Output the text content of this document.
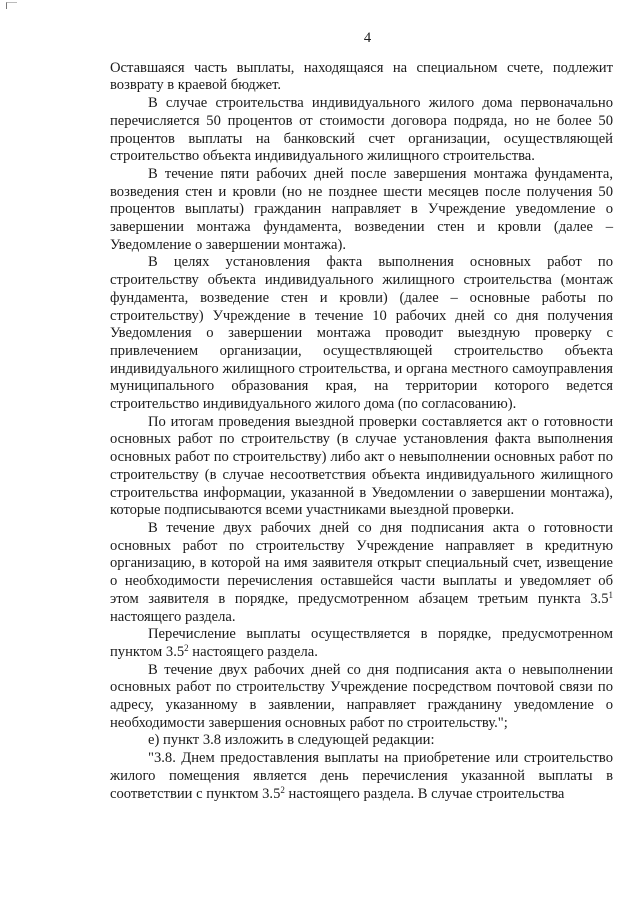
4

Оставшаяся часть выплаты, находящаяся на специальном счете, подлежит возврату в краевой бюджет.

В случае строительства индивидуального жилого дома первоначально перечисляется 50 процентов от стоимости договора подряда, но не более 50 процентов выплаты на банковский счет организации, осуществляющей строительство объекта индивидуального жилищного строительства.

В течение пяти рабочих дней после завершения монтажа фундамента, возведения стен и кровли (но не позднее шести месяцев после получения 50 процентов выплаты) гражданин направляет в Учреждение уведомление о завершении монтажа фундамента, возведении стен и кровли (далее – Уведомление о завершении монтажа).

В целях установления факта выполнения основных работ по строительству объекта индивидуального жилищного строительства (монтаж фундамента, возведение стен и кровли) (далее – основные работы по строительству) Учреждение в течение 10 рабочих дней со дня получения Уведомления о завершении монтажа проводит выездную проверку с привлечением организации, осуществляющей строительство объекта индивидуального жилищного строительства, и органа местного самоуправления муниципального образования края, на территории которого ведется строительство индивидуального жилого дома (по согласованию).

По итогам проведения выездной проверки составляется акт о готовности основных работ по строительству (в случае установления факта выполнения основных работ по строительству) либо акт о невыполнении основных работ по строительству (в случае несоответствия объекта индивидуального жилищного строительства информации, указанной в Уведомлении о завершении монтажа), которые подписываются всеми участниками выездной проверки.

В течение двух рабочих дней со дня подписания акта о готовности основных работ по строительству Учреждение направляет в кредитную организацию, в которой на имя заявителя открыт специальный счет, извещение о необходимости перечисления оставшейся части выплаты и уведомляет об этом заявителя в порядке, предусмотренном абзацем третьим пункта $3.5^1$ настоящего раздела.

Перечисление выплаты осуществляется в порядке, предусмотренном пунктом $3.5^2$ настоящего раздела.

В течение двух рабочих дней со дня подписания акта о невыполнении основных работ по строительству Учреждение посредством почтовой связи по адресу, указанному в заявлении, направляет гражданину уведомление о необходимости завершения основных работ по строительству.";

е) пункт 3.8 изложить в следующей редакции:

"3.8. Днем предоставления выплаты на приобретение или строительство жилого помещения является день перечисления указанной выплаты в соответствии с пунктом $3.5^2$ настоящего раздела. В случае строительства
